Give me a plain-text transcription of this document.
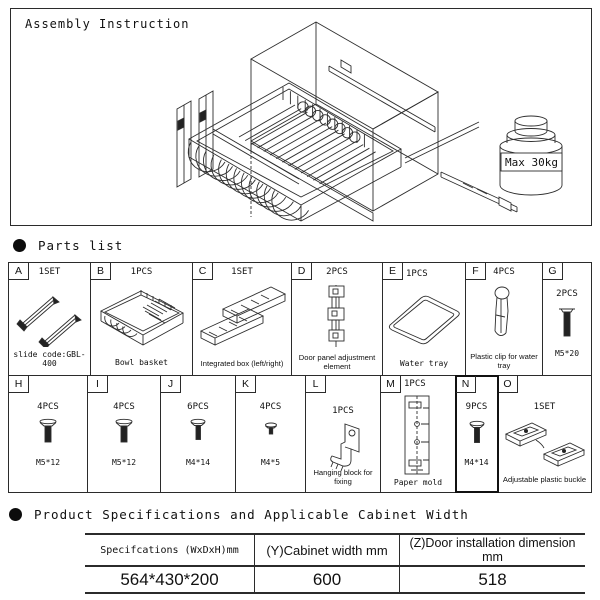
Max 30kg
Assembly Instruction
Parts list
A	1SET
slide code:GBL-400
B	1PCS
Bowl basket
C	1SET
Integrated box (left/right)
D	2PCS
Door panel adjustment element
E	1PCS
Water tray
F	4PCS
Plastic clip for water tray
G
2PCS
M5*20
H
4PCS
M5*12
I
4PCS
M5*12
J
6PCS
M4*14
K
4PCS
M4*5
L
1PCS
Hanging block for fixing
M	1PCS
Paper mold
N
9PCS
M4*14
O
1SET
Adjustable plastic buckle
Product Specifications and Applicable Cabinet Width
Specifcations (WxDxH)mm	(Y)Cabinet width mm	(Z)Door installation dimension mm
564*430*200	600	518
